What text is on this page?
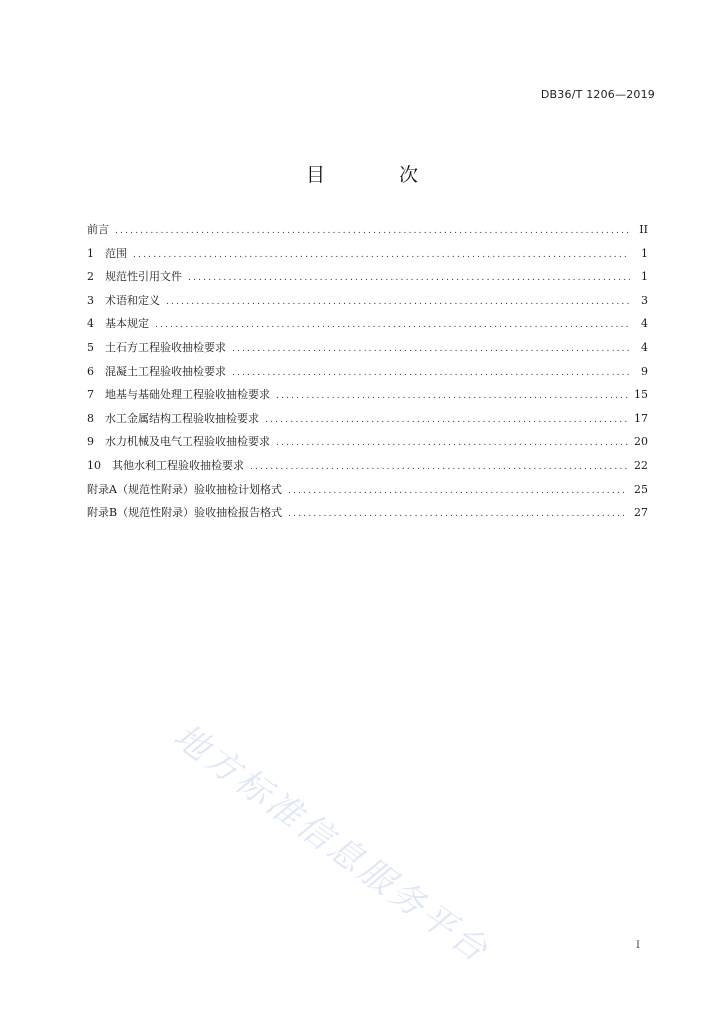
DB36/T 1206—2019
目 次
前言 .....	II
1 范围 .....	1
2 规范性引用文件 .....	1
3 术语和定义 .....	3
4 基本规定 .....	4
5 土石方工程验收抽检要求 .....	4
6 混凝土工程验收抽检要求 .....	9
7 地基与基础处理工程验收抽检要求 .....	15
8 水工金属结构工程验收抽检要求 .....	17
9 水力机械及电气工程验收抽检要求 .....	20
10 其他水利工程验收抽检要求 .....	22
附录A（规范性附录）验收抽检计划格式 .....	25
附录B（规范性附录）验收抽检报告格式 .....	27
地方标准信息服务平台	I
